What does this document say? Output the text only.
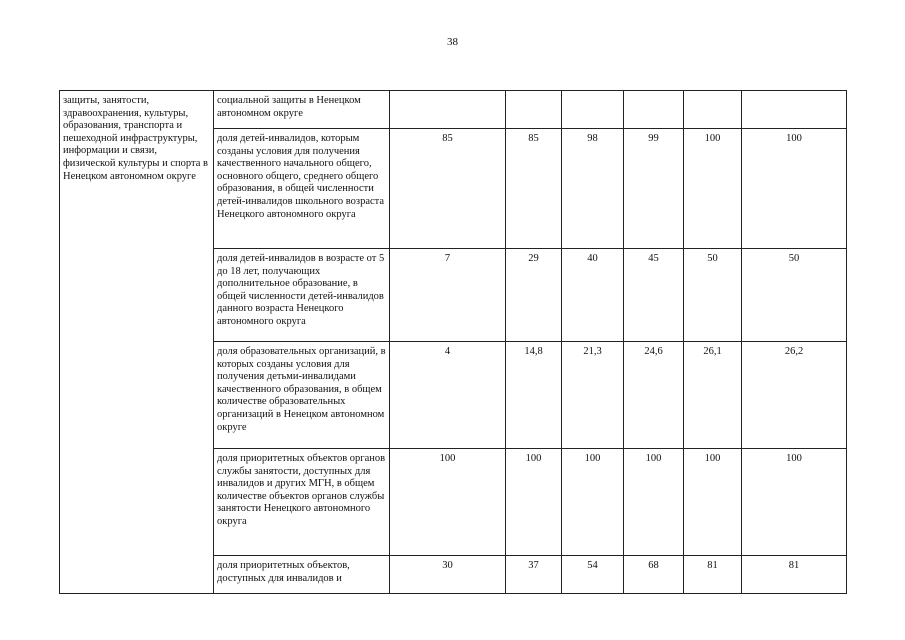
38
защиты, занятости, здравоохранения, культуры, образования, транспорта и пешеходной инфраструктуры, информации и связи, физической культуры и спорта в Ненецком автономном округе	социальной защиты в Ненецком автономном округе						
	доля детей-инвалидов, которым созданы условия для получения качественного начального общего, основного общего, среднего общего образования, в общей численности детей-инвалидов школьного возраста Ненецкого автономного округа	85	85	98	99	100	100
	доля детей-инвалидов в возрасте от 5 до 18 лет, получающих дополнительное образование, в общей численности детей-инвалидов данного возраста Ненецкого автономного округа	7	29	40	45	50	50
	доля образовательных организаций, в которых созданы условия для получения детьми-инвалидами качественного образования, в общем количестве образовательных организаций в Ненецком автономном округе	4	14,8	21,3	24,6	26,1	26,2
	доля приоритетных объектов органов службы занятости, доступных для инвалидов и других МГН, в общем количестве объектов органов службы занятости Ненецкого автономного округа	100	100	100	100	100	100
	доля приоритетных объектов, доступных для инвалидов и	30	37	54	68	81	81
